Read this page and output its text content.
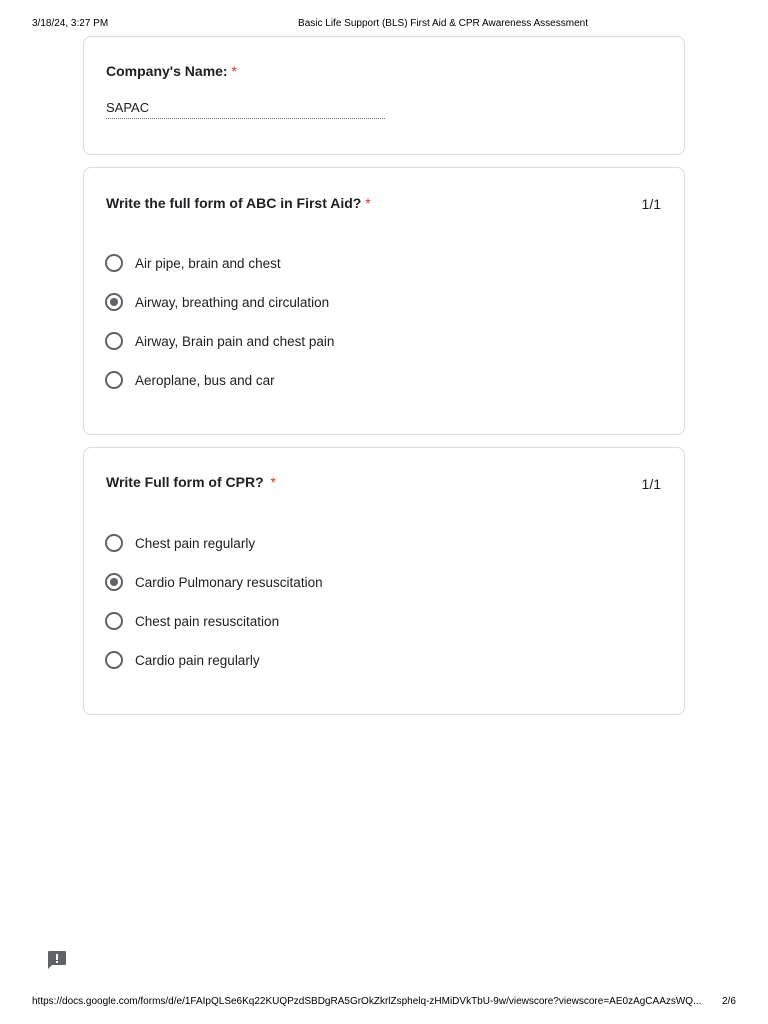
3/18/24, 3:27 PM	Basic Life Support (BLS) First Aid & CPR Awareness Assessment
Company's Name: *
SAPAC
Write the full form of ABC in First Aid? *	1/1
Air pipe, brain and chest
Airway, breathing and circulation
Airway, Brain pain and chest pain
Aeroplane, bus and car
Write Full form of CPR? *	1/1
Chest pain regularly
Cardio Pulmonary resuscitation
Chest pain resuscitation
Cardio pain regularly
https://docs.google.com/forms/d/e/1FAIpQLSe6Kq22KUQPzdSBDgRA5GrOkZkrlZsphelq-zHMiDVkTbU-9w/viewscore?viewscore=AE0zAgCAAzsWQ...	2/6
